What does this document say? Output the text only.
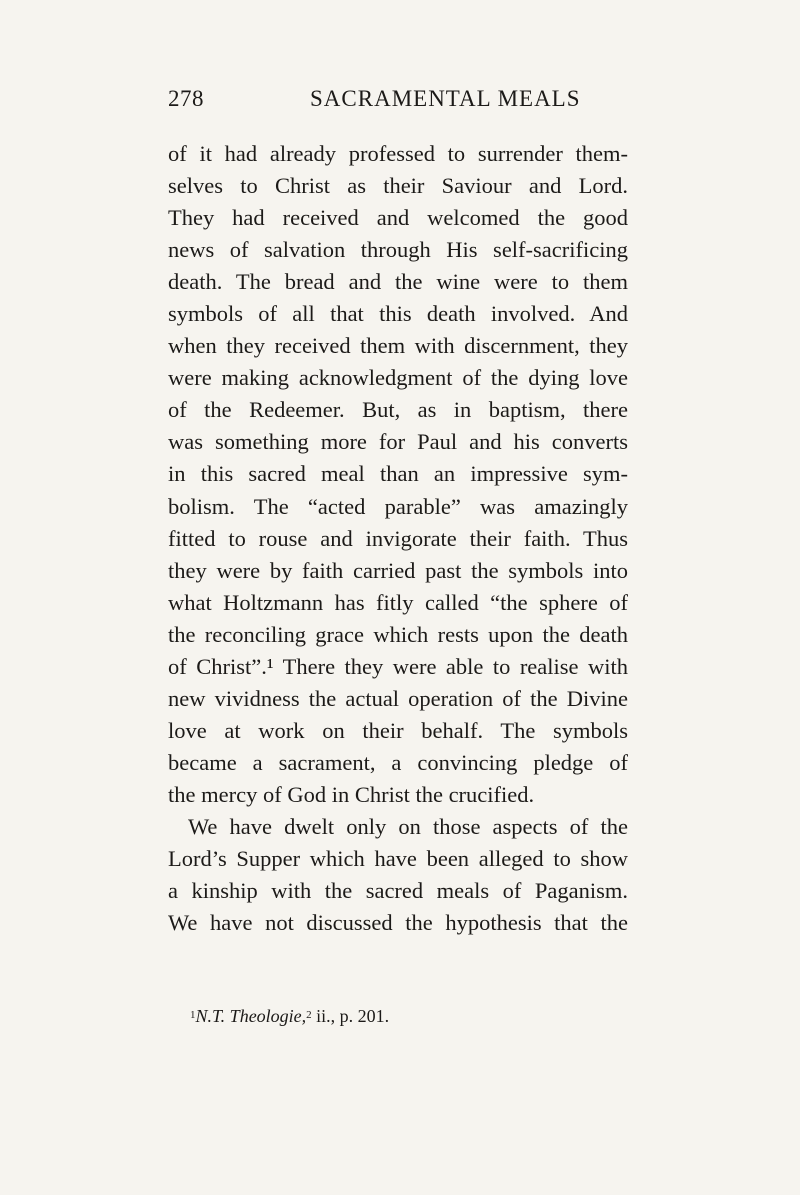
278	SACRAMENTAL MEALS
of it had already professed to surrender them-
selves to Christ as their Saviour and Lord.
They had received and welcomed the good
news of salvation through His self-sacrificing
death. The bread and the wine were to them
symbols of all that this death involved. And
when they received them with discernment, they
were making acknowledgment of the dying love
of the Redeemer. But, as in baptism, there
was something more for Paul and his converts
in this sacred meal than an impressive sym-
bolism. The “acted parable” was amazingly
fitted to rouse and invigorate their faith. Thus
they were by faith carried past the symbols into
what Holtzmann has fitly called “the sphere of
the reconciling grace which rests upon the death
of Christ”.¹ There they were able to realise with
new vividness the actual operation of the Divine
love at work on their behalf. The symbols
became a sacrament, a convincing pledge of
the mercy of God in Christ the crucified.
We have dwelt only on those aspects of the
Lord’s Supper which have been alleged to show
a kinship with the sacred meals of Paganism.
We have not discussed the hypothesis that the
$^1$N.T. Theologie,$^2$ ii., p. 201.
